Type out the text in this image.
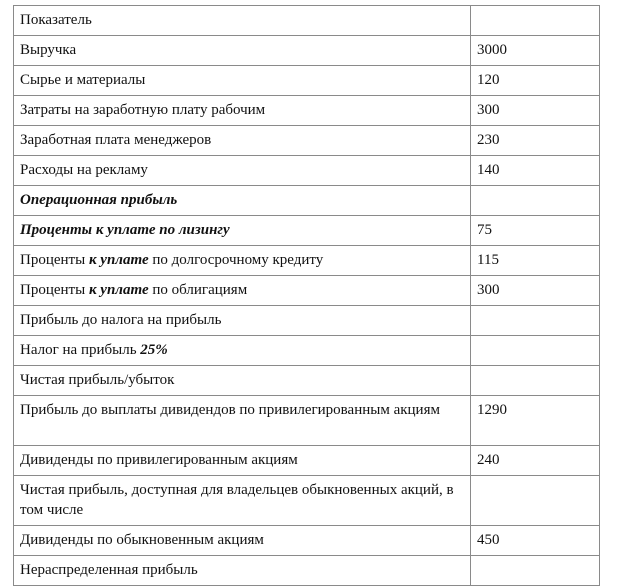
Показатель	
Выручка	3000
Сырье и материалы	120
Затраты на заработную плату рабочим	300
Заработная плата менеджеров	230
Расходы на рекламу	140
Операционная прибыль	
Проценты к уплате по лизингу	75
Проценты к уплате по долгосрочному кредиту	115
Проценты к уплате по облигациям	300
Прибыль до налога на прибыль	
Налог на прибыль 25%	
Чистая прибыль/убыток	
Прибыль до выплаты дивидендов по привилегированным акциям	1290
Дивиденды по привилегированным акциям	240
Чистая прибыль, доступная для владельцев обыкновенных акций, в том числе	
Дивиденды по обыкновенным акциям	450
Нераспределенная прибыль	
